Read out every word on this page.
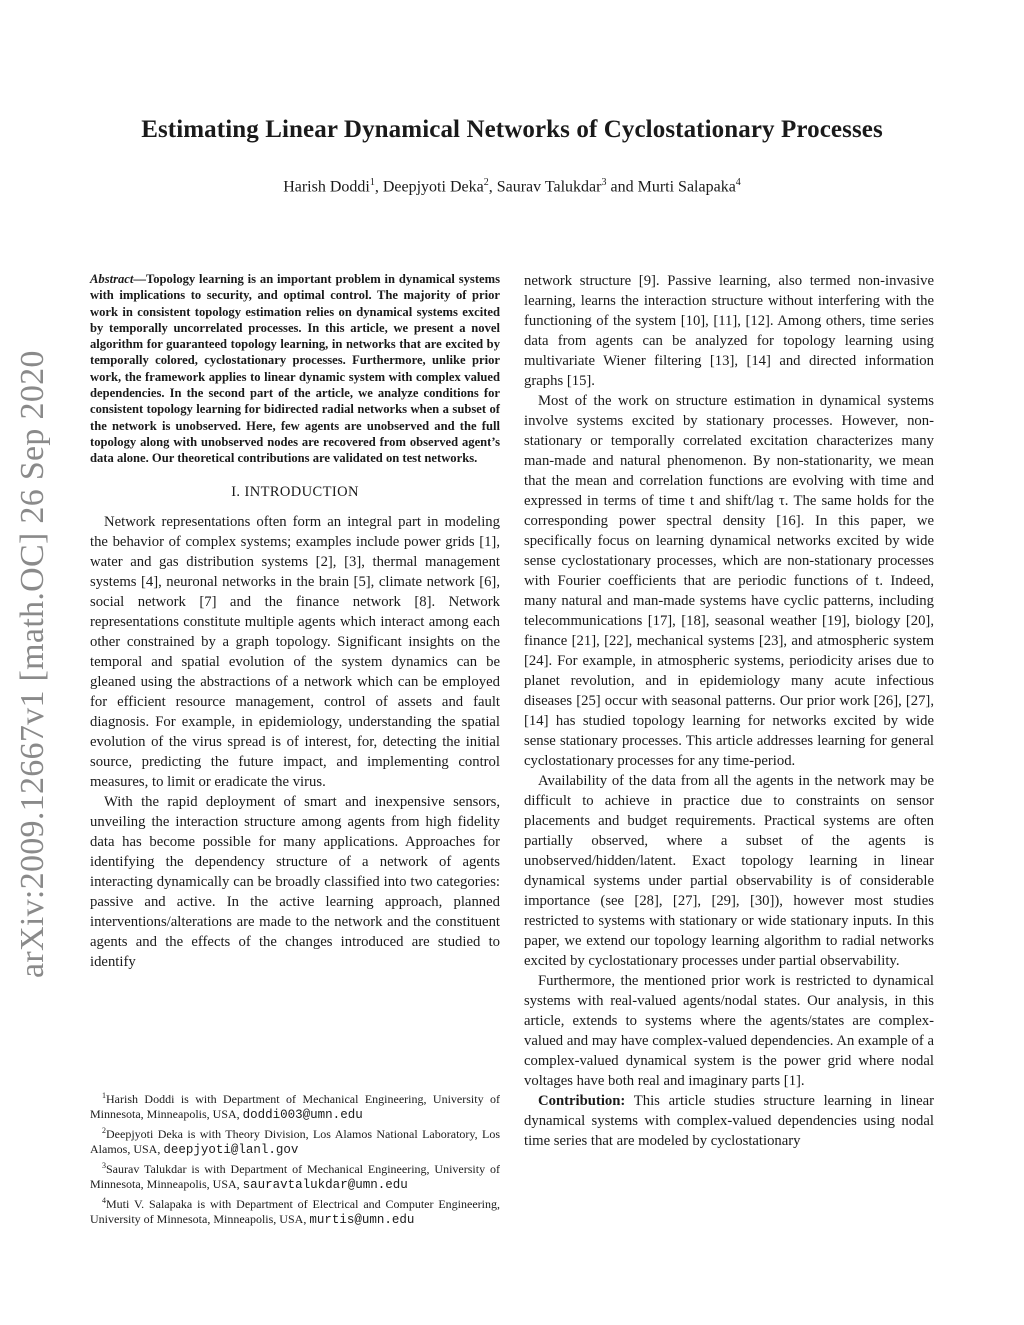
Estimating Linear Dynamical Networks of Cyclostationary Processes
Harish Doddi$^1$, Deepjyoti Deka$^2$, Saurav Talukdar$^3$ and Murti Salapaka$^4$
arXiv:2009.12667v1 [math.OC] 26 Sep 2020

Abstract—Topology learning is an important problem in dynamical systems with implications to security, and optimal control. The majority of prior work in consistent topology estimation relies on dynamical systems excited by temporally uncorrelated processes. In this article, we present a novel algorithm for guaranteed topology learning, in networks that are excited by temporally colored, cyclostationary processes. Furthermore, unlike prior work, the framework applies to linear dynamic system with complex valued dependencies. In the second part of the article, we analyze conditions for consistent topology learning for bidirected radial networks when a subset of the network is unobserved. Here, few agents are unobserved and the full topology along with unobserved nodes are recovered from observed agent’s data alone. Our theoretical contributions are validated on test networks.

I. INTRODUCTION

Network representations often form an integral part in modeling the behavior of complex systems; examples include power grids [1], water and gas distribution systems [2], [3], thermal management systems [4], neuronal networks in the brain [5], climate network [6], social network [7] and the finance network [8]. Network representations constitute multiple agents which interact among each other constrained by a graph topology. Significant insights on the temporal and spatial evolution of the system dynamics can be gleaned using the abstractions of a network which can be employed for efficient resource management, control of assets and fault diagnosis. For example, in epidemiology, understanding the spatial evolution of the virus spread is of interest, for, detecting the initial source, predicting the future impact, and implementing control measures, to limit or eradicate the virus.

With the rapid deployment of smart and inexpensive sensors, unveiling the interaction structure among agents from high fidelity data has become possible for many applications. Approaches for identifying the dependency structure of a network of agents interacting dynamically can be broadly classified into two categories: passive and active. In the active learning approach, planned interventions/alterations are made to the network and the constituent agents and the effects of the changes introduced are studied to identify

$^1$Harish Doddi is with Department of Mechanical Engineering, University of Minnesota, Minneapolis, USA, doddi003@umn.edu

$^2$Deepjyoti Deka is with Theory Division, Los Alamos National Laboratory, Los Alamos, USA, deepjyoti@lanl.gov

$^3$Saurav Talukdar is with Department of Mechanical Engineering, University of Minnesota, Minneapolis, USA, sauravtalukdar@umn.edu

$^4$Muti V. Salapaka is with Department of Electrical and Computer Engineering, University of Minnesota, Minneapolis, USA, murtis@umn.edu

network structure [9]. Passive learning, also termed non-invasive learning, learns the interaction structure without interfering with the functioning of the system [10], [11], [12]. Among others, time series data from agents can be analyzed for topology learning using multivariate Wiener filtering [13], [14] and directed information graphs [15].

Most of the work on structure estimation in dynamical systems involve systems excited by stationary processes. However, non-stationary or temporally correlated excitation characterizes many man-made and natural phenomenon. By non-stationarity, we mean that the mean and correlation functions are evolving with time and expressed in terms of time t and shift/lag τ. The same holds for the corresponding power spectral density [16]. In this paper, we specifically focus on learning dynamical networks excited by wide sense cyclostationary processes, which are non-stationary processes with Fourier coefficients that are periodic functions of t. Indeed, many natural and man-made systems have cyclic patterns, including telecommunications [17], [18], seasonal weather [19], biology [20], finance [21], [22], mechanical systems [23], and atmospheric system [24]. For example, in atmospheric systems, periodicity arises due to planet revolution, and in epidemiology many acute infectious diseases [25] occur with seasonal patterns. Our prior work [26], [27], [14] has studied topology learning for networks excited by wide sense stationary processes. This article addresses learning for general cyclostationary processes for any time-period.

Availability of the data from all the agents in the network may be difficult to achieve in practice due to constraints on sensor placements and budget requirements. Practical systems are often partially observed, where a subset of the agents is unobserved/hidden/latent. Exact topology learning in linear dynamical systems under partial observability is of considerable importance (see [28], [27], [29], [30]), however most studies restricted to systems with stationary or wide stationary inputs. In this paper, we extend our topology learning algorithm to radial networks excited by cyclostationary processes under partial observability.

Furthermore, the mentioned prior work is restricted to dynamical systems with real-valued agents/nodal states. Our analysis, in this article, extends to systems where the agents/states are complex-valued and may have complex-valued dependencies. An example of a complex-valued dynamical system is the power grid where nodal voltages have both real and imaginary parts [1].

Contribution: This article studies structure learning in linear dynamical systems with complex-valued dependencies using nodal time series that are modeled by cyclostationary
